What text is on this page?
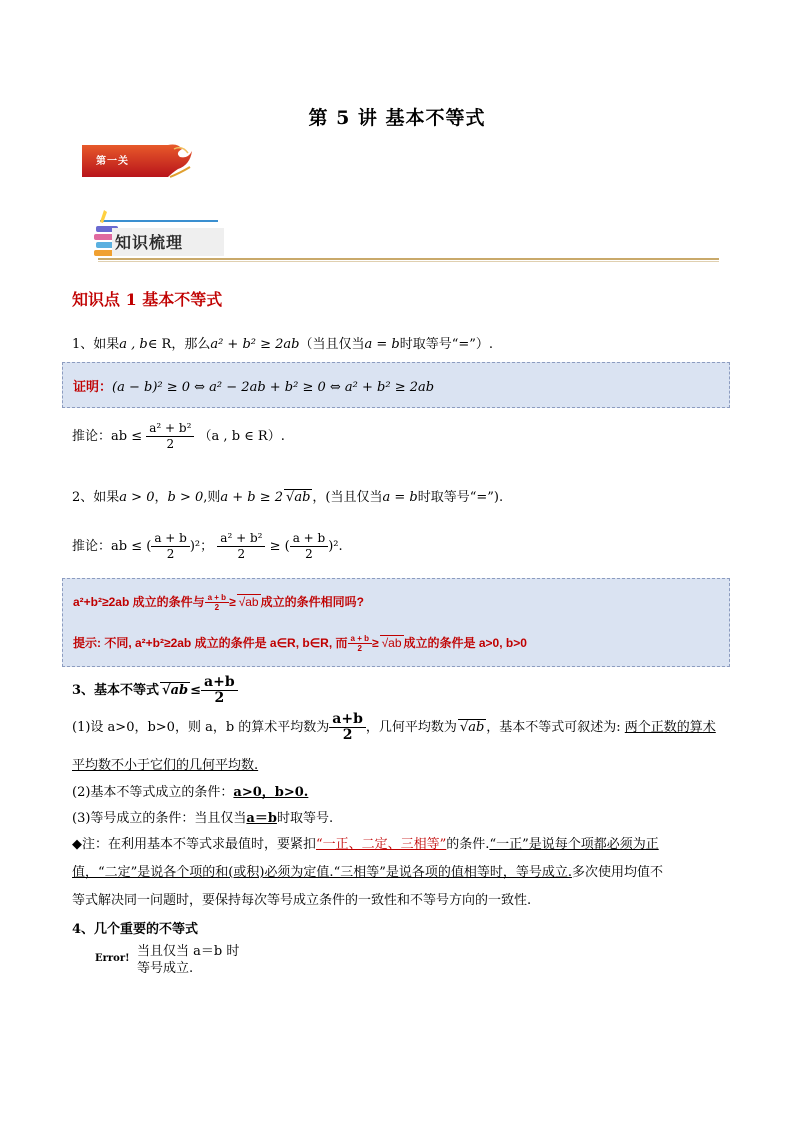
第 5 讲 基本不等式
第一关
知识梳理
知识点 1 基本不等式
1、如果a , b∈ R，那么a² + b² ≥ 2ab（当且仅当a = b时取等号“=”）.
证明：(a − b)² ≥ 0 ⇔ a² − 2ab + b² ≥ 0 ⇔ a² + b² ≥ 2ab
推论：ab ≤ $\frac{\text{a² + b²}}{2} (a$ , b ∈ R）.
2、如果a > 0，b > 0,则a + b ≥ 2 √ab ，(当且仅当a = b时取等号“=”).
推论：ab ≤ ( $\frac{a + b}{2} )^2$； $\frac{\text{a² + b²}}{2}$ ≥ ( $\frac{a + b}{2} )^2$.
a²+b²≥2ab 成立的条件与 $\frac{a + b}{2} \ge √ab$ 成立的条件相同吗?
提示: 不同, a²+b²≥2ab 成立的条件是 a∈R, b∈R, 而 $\frac{a + b}{2} \ge √ab$ 成立的条件是 a>0, b>0
3、基本不等式 $√ab \le \frac{a+b}{2}$
(1)设 a>0，b>0，则 a，b 的算术平均数为 $\frac{a+b}{2}$ ，几何平均数为 √ab ，基本不等式可叙述为: 两个正数的算术
平均数不小于它们的几何平均数.
(2)基本不等式成立的条件：a>0，b>0.
(3)等号成立的条件：当且仅当a＝b时取等号.
◆注：在利用基本不等式求最值时，要紧扣“一正、二定、三相等”的条件.“一正”是说每个项都必须为正
值，“二定”是说各个项的和(或积)必须为定值.“三相等”是说各项的值相等时，等号成立.多次使用均值不
等式解决同一问题时，要保持每次等号成立条件的一致性和不等号方向的一致性.
4、几个重要的不等式
Error! 当且仅当 a＝b 时
等号成立.
